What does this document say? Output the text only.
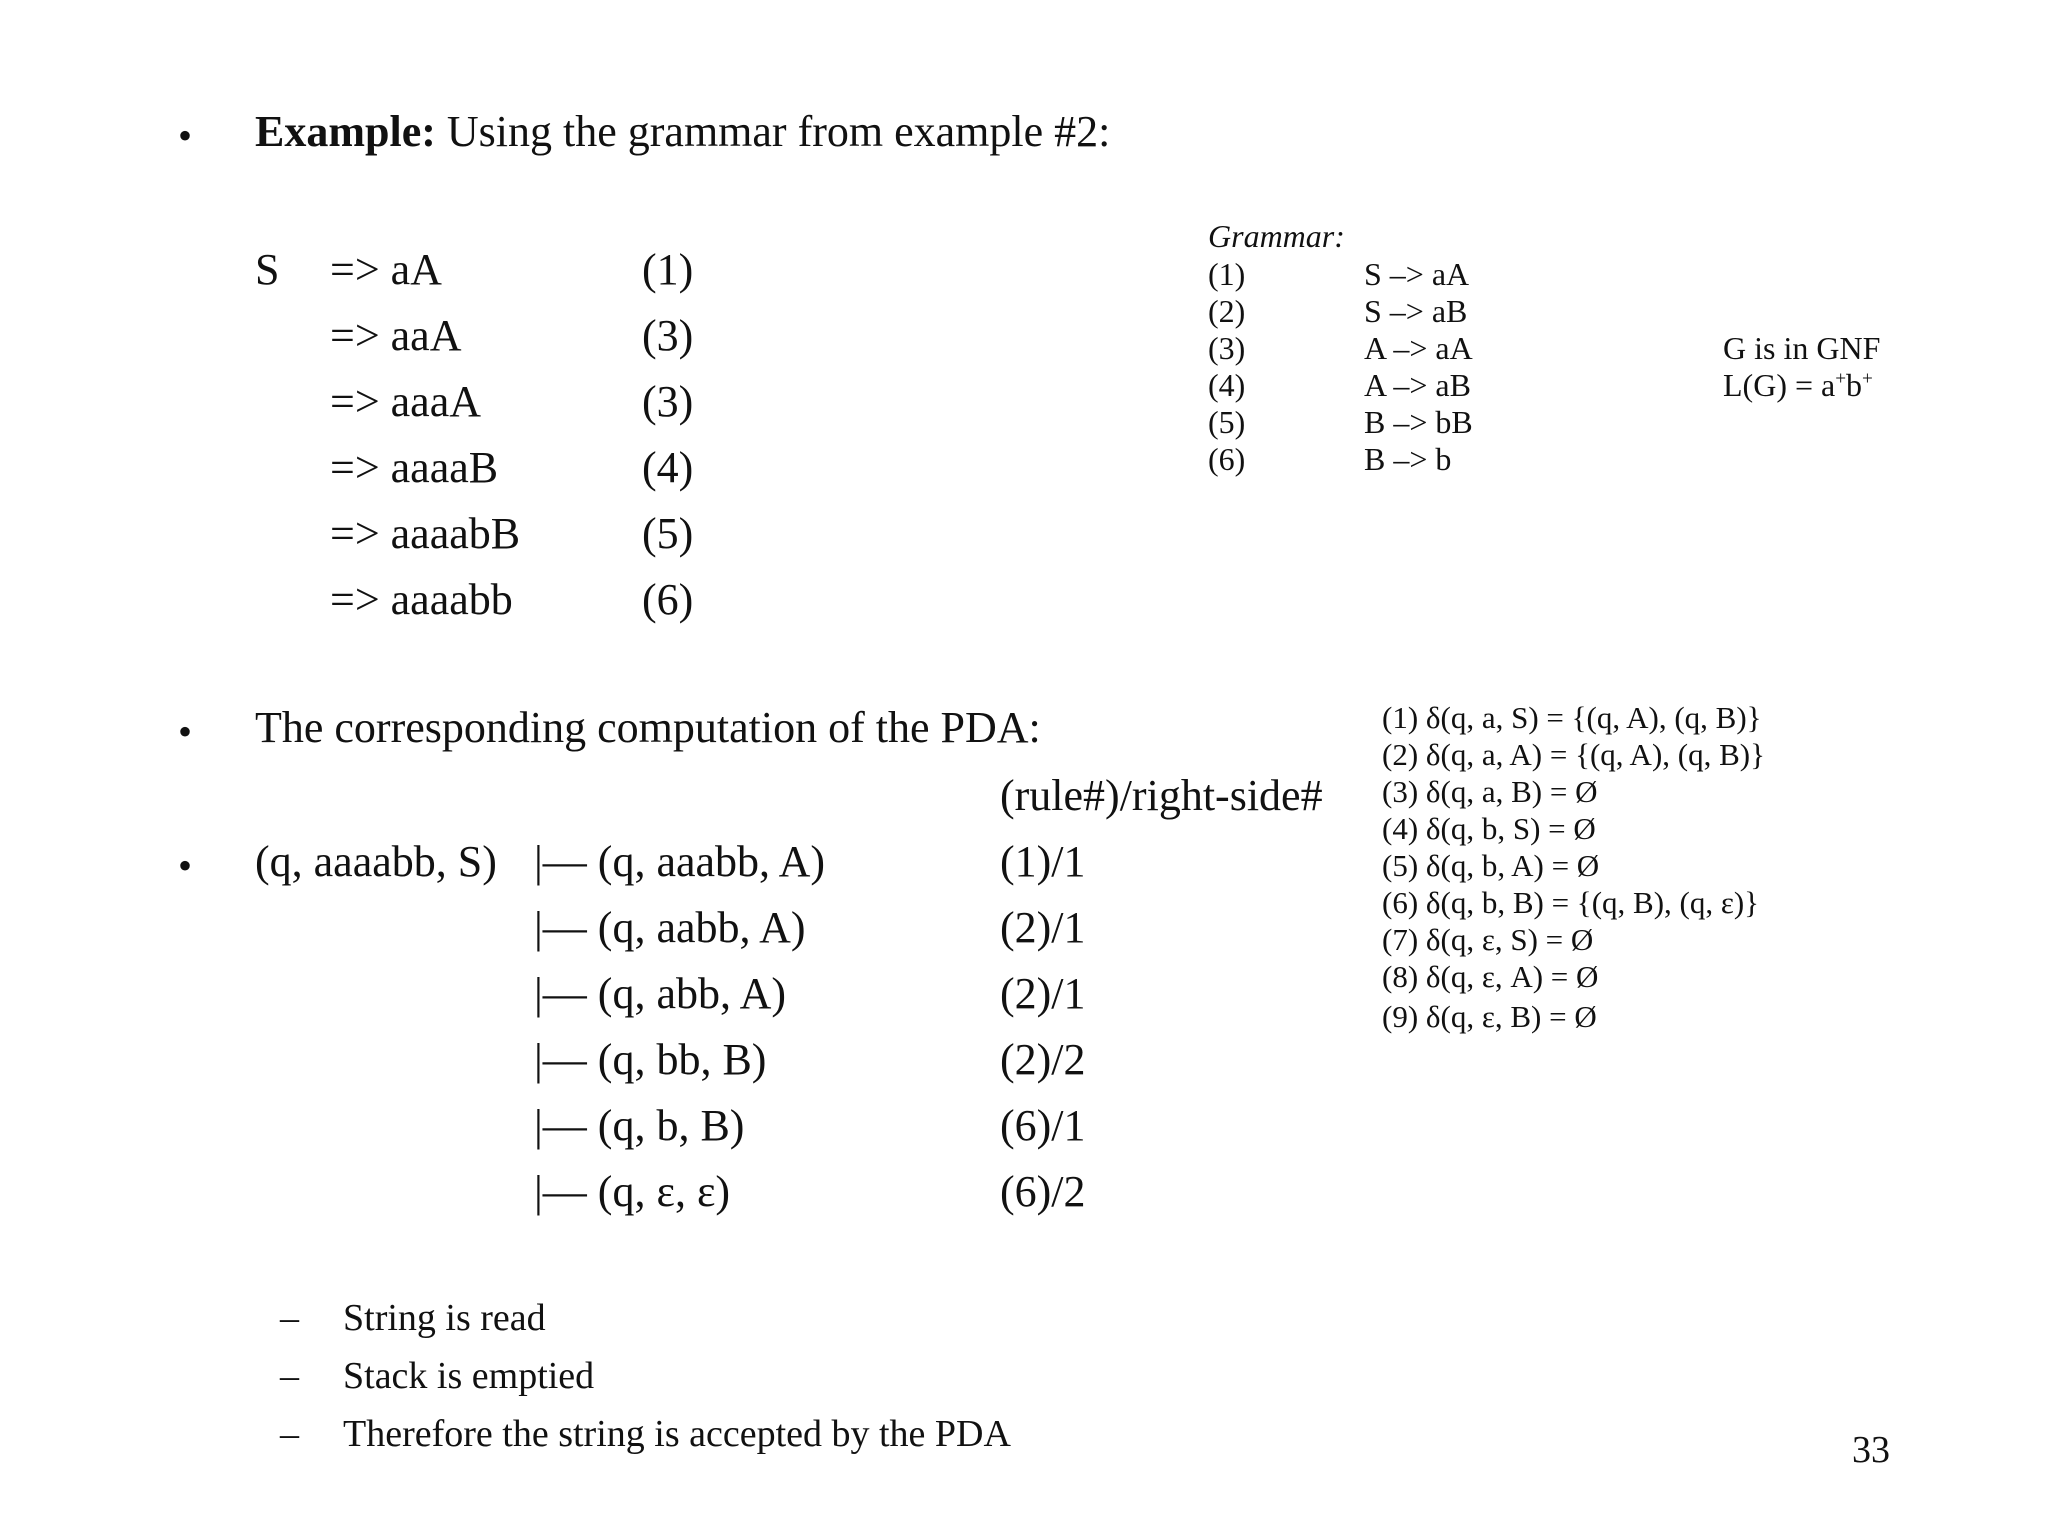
• Example: Using the grammar from example #2:
S => aA	(1)
=> aaA	(3)
=> aaaA	(3)
=> aaaaB	(4)
=> aaaabB	(5)
=> aaaabb	(6)
Grammar:
(1)	S –> aA
(2)	S –> aB
(3)	A –> aA
(4)	A –> aB
(5)	B –> bB
(6)	B –> b
G is in GNF
L(G) = a+b+
• The corresponding computation of the PDA:
(rule#)/right-side#
(1) δ(q, a, S) = {(q, A), (q, B)}
(2) δ(q, a, A) = {(q, A), (q, B)}
(3) δ(q, a, B) = Ø
(4) δ(q, b, S) = Ø
(5) δ(q, b, A) = Ø
(6) δ(q, b, B) = {(q, B), (q, ε)}
(7) δ(q, ε, S) = Ø
(8) δ(q, ε, A) = Ø
(9) δ(q, ε, B) = Ø
• (q, aaaabb, S) |— (q, aaabb, A)	(1)/1
|— (q, aabb, A)	(2)/1
|— (q, abb, A)	(2)/1
|— (q, bb, B)	(2)/2
|— (q, b, B)	(6)/1
|— (q, ε, ε)	(6)/2
– String is read
– Stack is emptied
– Therefore the string is accepted by the PDA	33
